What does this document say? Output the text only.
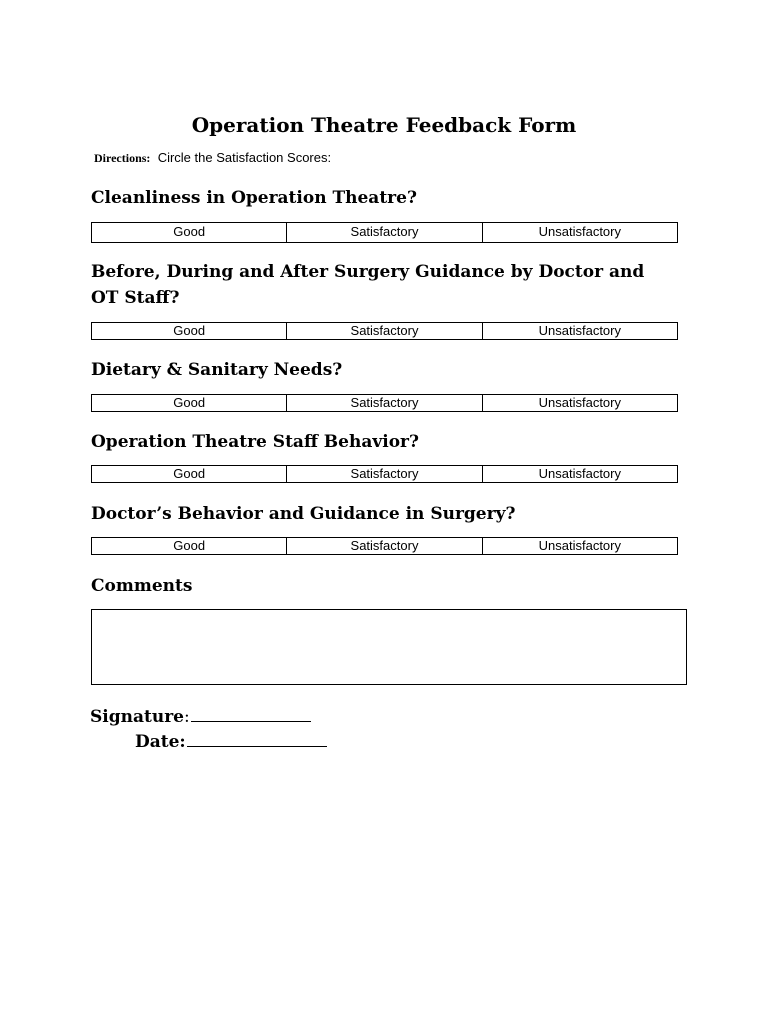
Operation Theatre Feedback Form
Directions: Circle the Satisfaction Scores:
Cleanliness in Operation Theatre?
Good	Satisfactory	Unsatisfactory
Before, During and After Surgery Guidance by Doctor and OT Staff?
Good	Satisfactory	Unsatisfactory
Dietary & Sanitary Needs?
Good	Satisfactory	Unsatisfactory
Operation Theatre Staff Behavior?
Good	Satisfactory	Unsatisfactory
Doctor’s Behavior and Guidance in Surgery?
Good	Satisfactory	Unsatisfactory
Comments
Signature:
Date:
